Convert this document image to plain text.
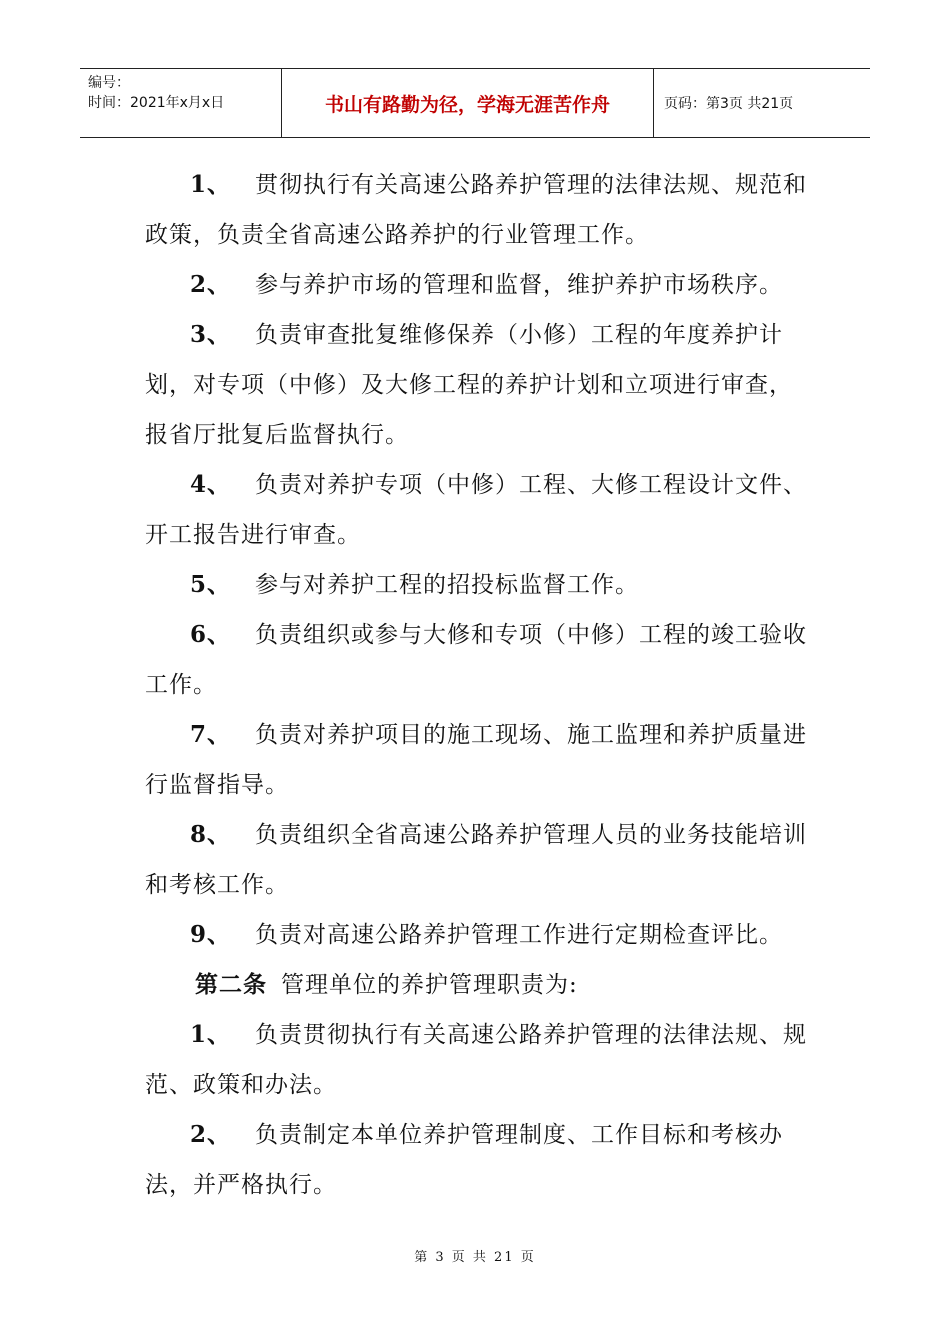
编号：
时间：2021年x月x日	书山有路勤为径，学海无涯苦作舟	页码：第3页 共21页

1、 贯彻执行有关高速公路养护管理的法律法规、规范和政策，负责全省高速公路养护的行业管理工作。

2、 参与养护市场的管理和监督，维护养护市场秩序。

3、 负责审查批复维修保养（小修）工程的年度养护计划，对专项（中修）及大修工程的养护计划和立项进行审查，报省厅批复后监督执行。

4、 负责对养护专项（中修）工程、大修工程设计文件、开工报告进行审查。

5、 参与对养护工程的招投标监督工作。

6、 负责组织或参与大修和专项（中修）工程的竣工验收工作。

7、 负责对养护项目的施工现场、施工监理和养护质量进行监督指导。

8、 负责组织全省高速公路养护管理人员的业务技能培训和考核工作。

9、 负责对高速公路养护管理工作进行定期检查评比。

第二条 管理单位的养护管理职责为:

1、 负责贯彻执行有关高速公路养护管理的法律法规、规范、政策和办法。

2、 负责制定本单位养护管理制度、工作目标和考核办法，并严格执行。

第 3 页 共 21 页
